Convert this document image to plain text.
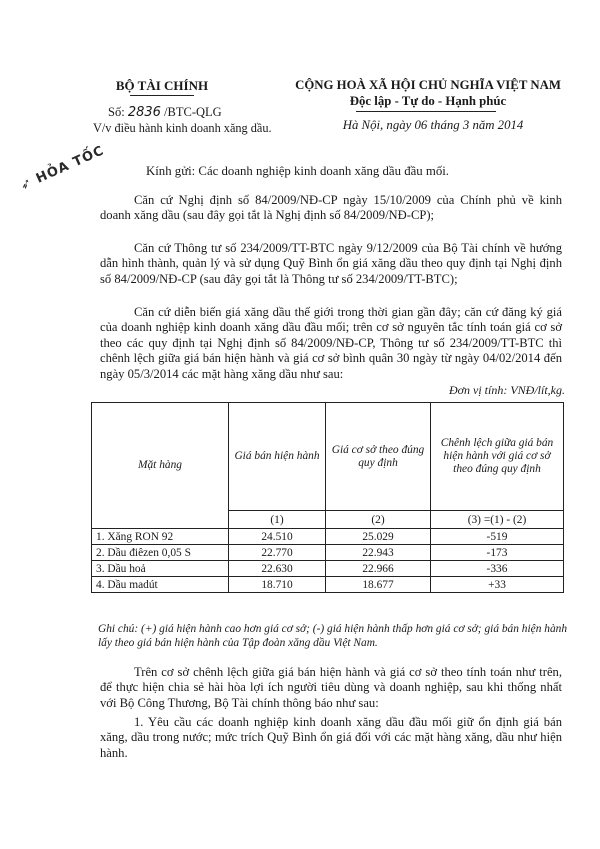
BỘ TÀI CHÍNH
Số: 2836 /BTC-QLG
V/v điều hành kinh doanh xăng dầu.
CỘNG HOÀ XÃ HỘI CHỦ NGHĨA VIỆT NAM
Độc lập - Tự do - Hạnh phúc
Hà Nội, ngày 06 tháng 3 năm 2014
➶ HỎA TỐC	Kính gửi: Các doanh nghiệp kinh doanh xăng dầu đầu mối.
Căn cứ Nghị định số 84/2009/NĐ-CP ngày 15/10/2009 của Chính phủ về kinh doanh xăng dầu (sau đây gọi tắt là Nghị định số 84/2009/NĐ-CP);
Căn cứ Thông tư số 234/2009/TT-BTC ngày 9/12/2009 của Bộ Tài chính về hướng dẫn hình thành, quản lý và sử dụng Quỹ Bình ổn giá xăng dầu theo quy định tại Nghị định số 84/2009/NĐ-CP (sau đây gọi tắt là Thông tư số 234/2009/TT-BTC);
Căn cứ diễn biến giá xăng dầu thế giới trong thời gian gần đây; căn cứ đăng ký giá của doanh nghiệp kinh doanh xăng dầu đầu mối; trên cơ sở nguyên tắc tính toán giá cơ sở theo các quy định tại Nghị định số 84/2009/NĐ-CP, Thông tư số 234/2009/TT-BTC thì chênh lệch giữa giá bán hiện hành và giá cơ sở bình quân 30 ngày từ ngày 04/02/2014 đến ngày 05/3/2014 các mặt hàng xăng dầu như sau:
Đơn vị tính: VNĐ/lít,kg.
Mặt hàng	Giá bán hiện hành	Giá cơ sở theo đúng quy định	Chênh lệch giữa giá bán hiện hành với giá cơ sở theo đúng quy định
	(1)	(2)	(3) =(1) - (2)
1. Xăng RON 92	24.510	25.029	-519
2. Dầu điêzen 0,05 S	22.770	22.943	-173
3. Dầu hoả	22.630	22.966	-336
4. Dầu madút	18.710	18.677	+33
Ghi chú: (+) giá hiện hành cao hơn giá cơ sở; (-) giá hiện hành thấp hơn giá cơ sở; giá bán hiện hành lấy theo giá bán hiện hành của Tập đoàn xăng dầu Việt Nam.
Trên cơ sở chênh lệch giữa giá bán hiện hành và giá cơ sở theo tính toán như trên, để thực hiện chia sẻ hài hòa lợi ích người tiêu dùng và doanh nghiệp, sau khi thống nhất với Bộ Công Thương, Bộ Tài chính thông báo như sau:
1. Yêu cầu các doanh nghiệp kinh doanh xăng dầu đầu mối giữ ổn định giá bán xăng, dầu trong nước; mức trích Quỹ Bình ổn giá đối với các mặt hàng xăng, dầu như hiện hành.
